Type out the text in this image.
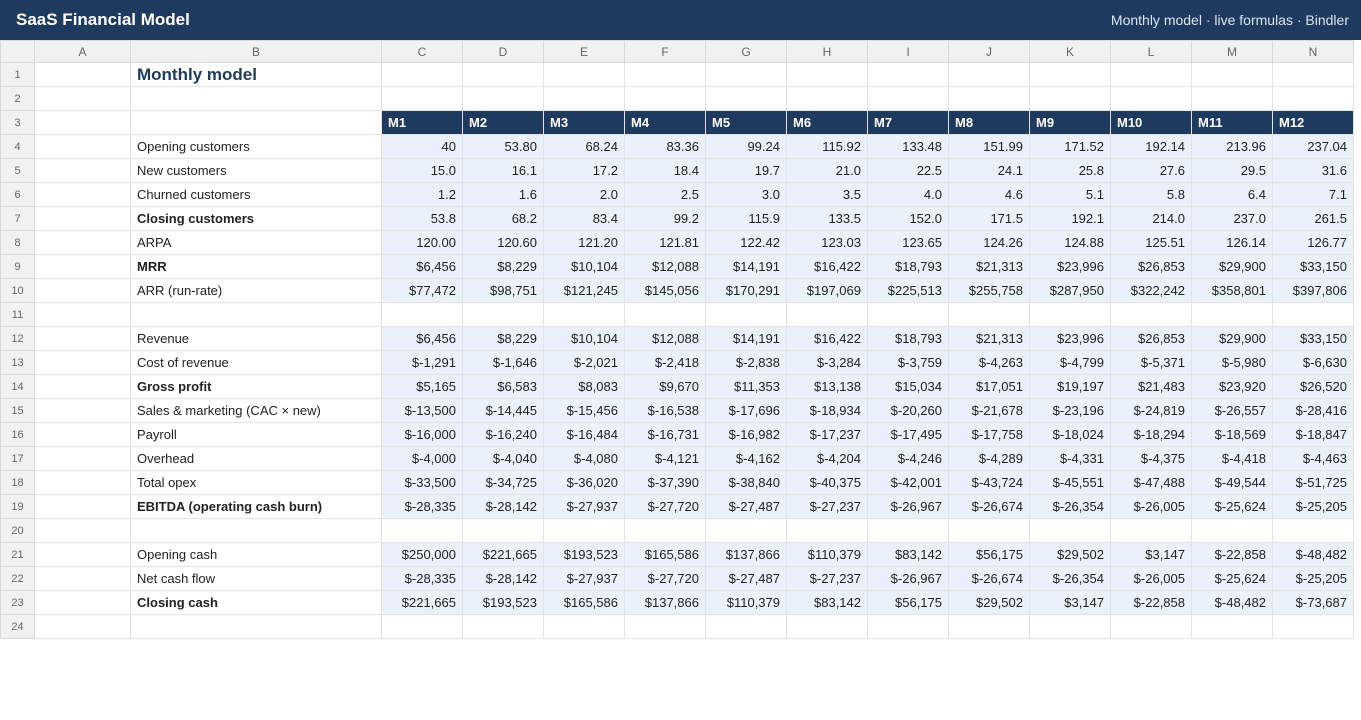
SaaS Financial Model	Monthly model · live formulas · Bindler
	A	B	C	D	E	F	G	H	I	J	K	L	M	N
1		Monthly model												
2														
3			M1	M2	M3	M4	M5	M6	M7	M8	M9	M10	M11	M12
4		Opening customers	40	53.80	68.24	83.36	99.24	115.92	133.48	151.99	171.52	192.14	213.96	237.04
5		New customers	15.0	16.1	17.2	18.4	19.7	21.0	22.5	24.1	25.8	27.6	29.5	31.6
6		Churned customers	1.2	1.6	2.0	2.5	3.0	3.5	4.0	4.6	5.1	5.8	6.4	7.1
7		Closing customers	53.8	68.2	83.4	99.2	115.9	133.5	152.0	171.5	192.1	214.0	237.0	261.5
8		ARPA	120.00	120.60	121.20	121.81	122.42	123.03	123.65	124.26	124.88	125.51	126.14	126.77
9		MRR	$6,456	$8,229	$10,104	$12,088	$14,191	$16,422	$18,793	$21,313	$23,996	$26,853	$29,900	$33,150
10		ARR (run-rate)	$77,472	$98,751	$121,245	$145,056	$170,291	$197,069	$225,513	$255,758	$287,950	$322,242	$358,801	$397,806
11														
12		Revenue	$6,456	$8,229	$10,104	$12,088	$14,191	$16,422	$18,793	$21,313	$23,996	$26,853	$29,900	$33,150
13		Cost of revenue	$-1,291	$-1,646	$-2,021	$-2,418	$-2,838	$-3,284	$-3,759	$-4,263	$-4,799	$-5,371	$-5,980	$-6,630
14		Gross profit	$5,165	$6,583	$8,083	$9,670	$11,353	$13,138	$15,034	$17,051	$19,197	$21,483	$23,920	$26,520
15		Sales & marketing (CAC × new)	$-13,500	$-14,445	$-15,456	$-16,538	$-17,696	$-18,934	$-20,260	$-21,678	$-23,196	$-24,819	$-26,557	$-28,416
16		Payroll	$-16,000	$-16,240	$-16,484	$-16,731	$-16,982	$-17,237	$-17,495	$-17,758	$-18,024	$-18,294	$-18,569	$-18,847
17		Overhead	$-4,000	$-4,040	$-4,080	$-4,121	$-4,162	$-4,204	$-4,246	$-4,289	$-4,331	$-4,375	$-4,418	$-4,463
18		Total opex	$-33,500	$-34,725	$-36,020	$-37,390	$-38,840	$-40,375	$-42,001	$-43,724	$-45,551	$-47,488	$-49,544	$-51,725
19		EBITDA (operating cash burn)	$-28,335	$-28,142	$-27,937	$-27,720	$-27,487	$-27,237	$-26,967	$-26,674	$-26,354	$-26,005	$-25,624	$-25,205
20														
21		Opening cash	$250,000	$221,665	$193,523	$165,586	$137,866	$110,379	$83,142	$56,175	$29,502	$3,147	$-22,858	$-48,482
22		Net cash flow	$-28,335	$-28,142	$-27,937	$-27,720	$-27,487	$-27,237	$-26,967	$-26,674	$-26,354	$-26,005	$-25,624	$-25,205
23		Closing cash	$221,665	$193,523	$165,586	$137,866	$110,379	$83,142	$56,175	$29,502	$3,147	$-22,858	$-48,482	$-73,687
24														
